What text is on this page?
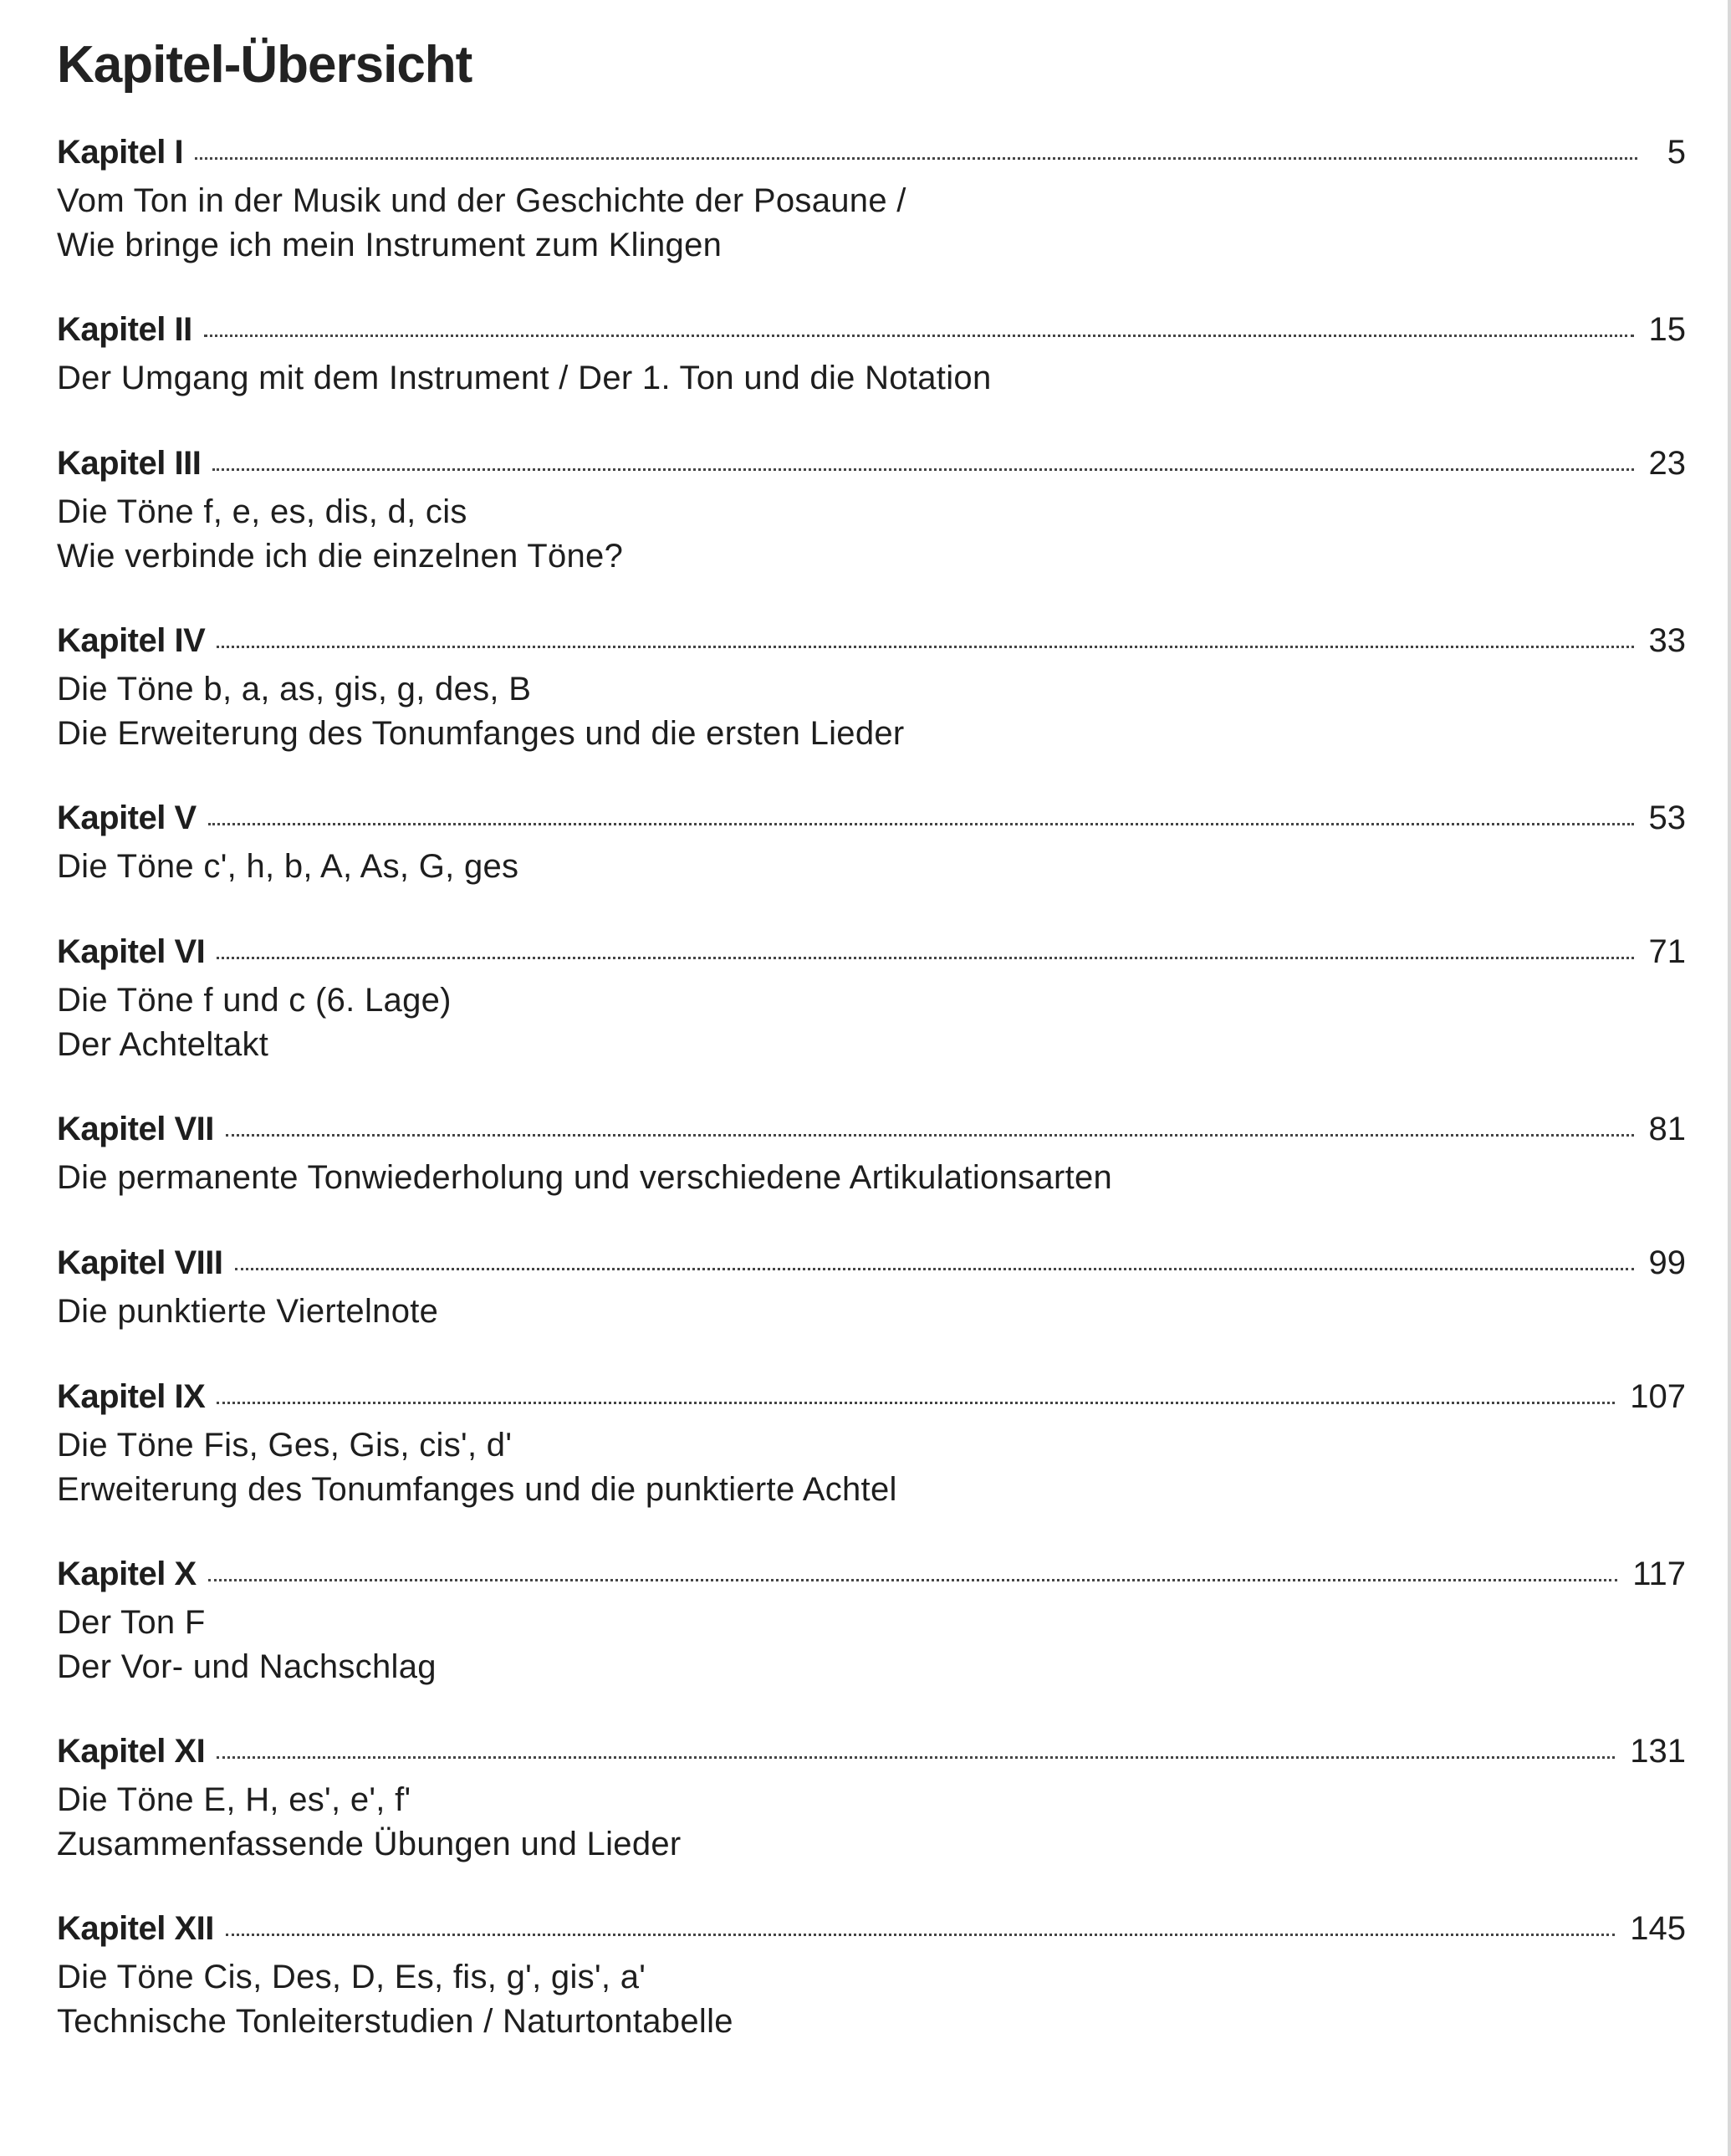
Kapitel-Übersicht
Kapitel I	5
Vom Ton in der Musik und der Geschichte der Posaune /
Wie bringe ich mein Instrument zum Klingen
Kapitel II	15
Der Umgang mit dem Instrument / Der 1. Ton und die Notation
Kapitel III	23
Die Töne f, e, es, dis, d, cis
Wie verbinde ich die einzelnen Töne?
Kapitel IV	33
Die Töne b, a, as, gis, g, des, B
Die Erweiterung des Tonumfanges und die ersten Lieder
Kapitel V	53
Die Töne c', h, b, A, As, G, ges
Kapitel VI	71
Die Töne f und c (6. Lage)
Der Achteltakt
Kapitel VII	81
Die permanente Tonwiederholung und verschiedene Artikulationsarten
Kapitel VIII	99
Die punktierte Viertelnote
Kapitel IX	107
Die Töne Fis, Ges, Gis, cis', d'
Erweiterung des Tonumfanges und die punktierte Achtel
Kapitel X	117
Der Ton F
Der Vor- und Nachschlag
Kapitel XI	131
Die Töne E, H, es', e', f'
Zusammenfassende Übungen und Lieder
Kapitel XII	145
Die Töne Cis, Des, D, Es, fis, g', gis', a'
Technische Tonleiterstudien / Naturtontabelle
